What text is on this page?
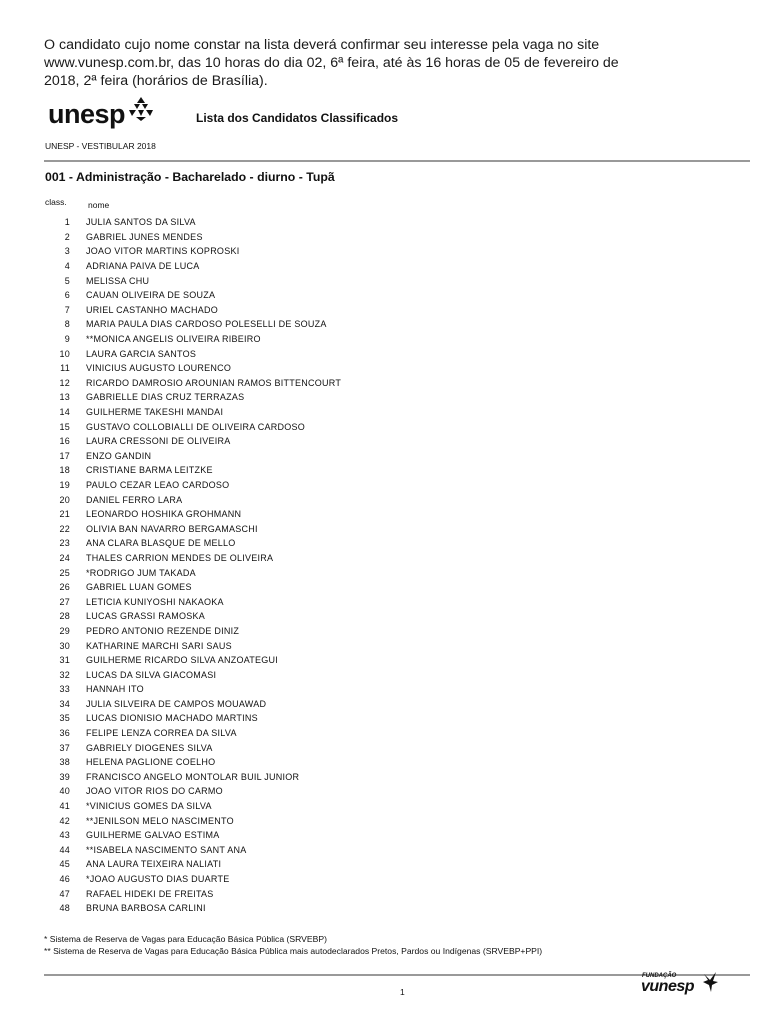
O candidato cujo nome constar na lista deverá confirmar seu interesse pela vaga no site www.vunesp.com.br, das 10 horas do dia 02, 6ª feira, até às 16 horas de 05 de fevereiro de 2018, 2ª feira (horários de Brasília).
unesp	Lista dos Candidatos Classificados
UNESP - VESTIBULAR 2018
001 - Administração - Bacharelado - diurno - Tupã
class.	nome
1 JULIA SANTOS DA SILVA
2 GABRIEL JUNES MENDES
3 JOAO VITOR MARTINS KOPROSKI
4 ADRIANA PAIVA DE LUCA
5 MELISSA CHU
6 CAUAN OLIVEIRA DE SOUZA
7 URIEL CASTANHO MACHADO
8 MARIA PAULA DIAS CARDOSO POLESELLI DE SOUZA
9 **MONICA ANGELIS OLIVEIRA RIBEIRO
10 LAURA GARCIA SANTOS
11 VINICIUS AUGUSTO LOURENCO
12 RICARDO DAMROSIO AROUNIAN RAMOS BITTENCOURT
13 GABRIELLE DIAS CRUZ TERRAZAS
14 GUILHERME TAKESHI MANDAI
15 GUSTAVO COLLOBIALLI DE OLIVEIRA CARDOSO
16 LAURA CRESSONI DE OLIVEIRA
17 ENZO GANDIN
18 CRISTIANE BARMA LEITZKE
19 PAULO CEZAR LEAO CARDOSO
20 DANIEL FERRO LARA
21 LEONARDO HOSHIKA GROHMANN
22 OLIVIA BAN NAVARRO BERGAMASCHI
23 ANA CLARA BLASQUE DE MELLO
24 THALES CARRION MENDES DE OLIVEIRA
25 *RODRIGO JUM TAKADA
26 GABRIEL LUAN GOMES
27 LETICIA KUNIYOSHI NAKAOKA
28 LUCAS GRASSI RAMOSKA
29 PEDRO ANTONIO REZENDE DINIZ
30 KATHARINE MARCHI SARI SAUS
31 GUILHERME RICARDO SILVA ANZOATEGUI
32 LUCAS DA SILVA GIACOMASI
33 HANNAH ITO
34 JULIA SILVEIRA DE CAMPOS MOUAWAD
35 LUCAS DIONISIO MACHADO MARTINS
36 FELIPE LENZA CORREA DA SILVA
37 GABRIELY DIOGENES SILVA
38 HELENA PAGLIONE COELHO
39 FRANCISCO ANGELO MONTOLAR BUIL JUNIOR
40 JOAO VITOR RIOS DO CARMO
41 *VINICIUS GOMES DA SILVA
42 **JENILSON MELO NASCIMENTO
43 GUILHERME GALVAO ESTIMA
44 **ISABELA NASCIMENTO SANT ANA
45 ANA LAURA TEIXEIRA NALIATI
46 *JOAO AUGUSTO DIAS DUARTE
47 RAFAEL HIDEKI DE FREITAS
48 BRUNA BARBOSA CARLINI
* Sistema de Reserva de Vagas para Educação Básica Pública (SRVEBP)
** Sistema de Reserva de Vagas para Educação Básica Pública mais autodeclarados Pretos, Pardos ou Indígenas (SRVEBP+PPI)
1
FUNDAÇÃO
vunesp
